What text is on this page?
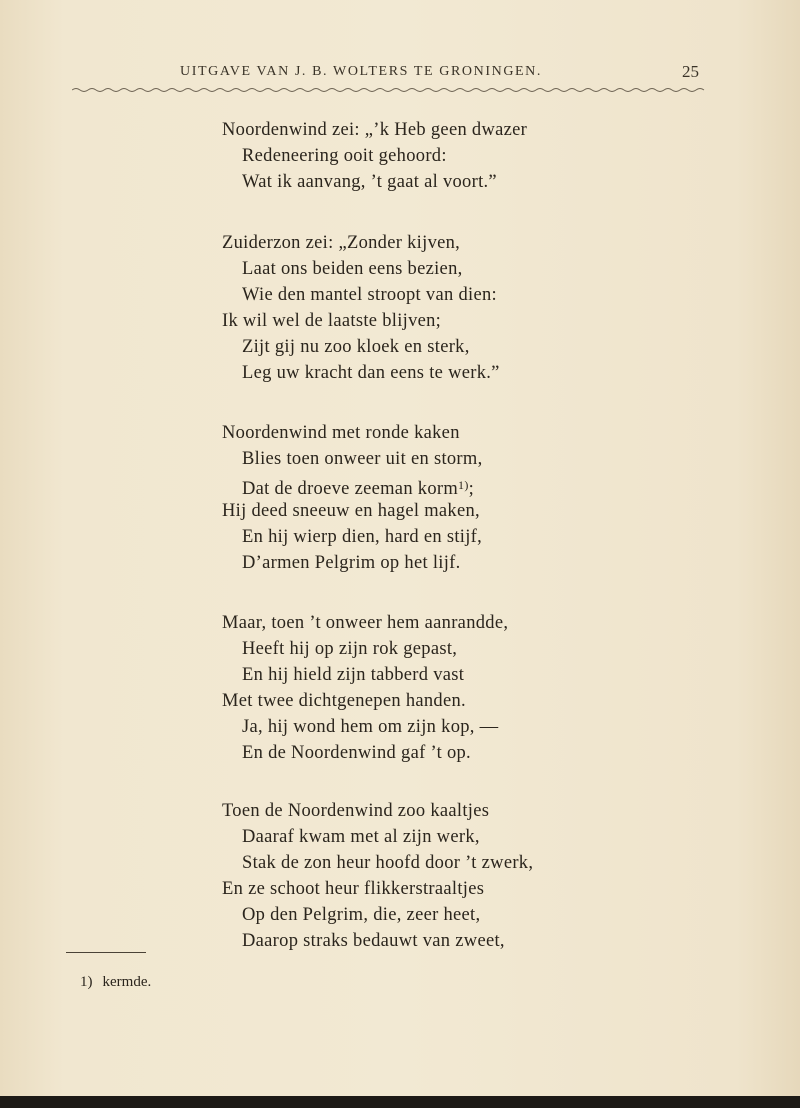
UITGAVE VAN J. B. WOLTERS TE GRONINGEN.	25
Noordenwind zei: „’k Heb geen dwazer
Redeneering ooit gehoord:
Wat ik aanvang, ’t gaat al voort.”
Zuiderzon zei: „Zonder kijven,
Laat ons beiden eens bezien,
Wie den mantel stroopt van dien:
Ik wil wel de laatste blijven;
Zijt gij nu zoo kloek en sterk,
Leg uw kracht dan eens te werk.”
Noordenwind met ronde kaken
Blies toen onweer uit en storm,
Dat de droeve zeeman korm$^{1)}$;
Hij deed sneeuw en hagel maken,
En hij wierp dien, hard en stijf,
D’armen Pelgrim op het lijf.
Maar, toen ’t onweer hem aanrandde,
Heeft hij op zijn rok gepast,
En hij hield zijn tabberd vast
Met twee dichtgenepen handen.
Ja, hij wond hem om zijn kop, —
En de Noordenwind gaf ’t op.
Toen de Noordenwind zoo kaaltjes
Daaraf kwam met al zijn werk,
Stak de zon heur hoofd door ’t zwerk,
En ze schoot heur flikkerstraaltjes
Op den Pelgrim, die, zeer heet,
Daarop straks bedauwt van zweet,
1) kermde.
